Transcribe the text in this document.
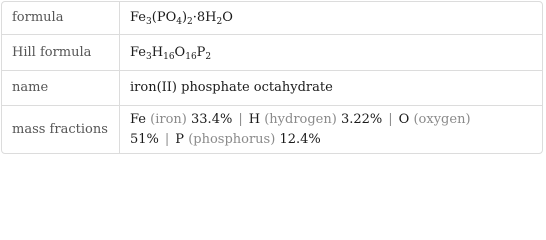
formula	$Fe_3(PO_4)_2\cdot 8H_2O$
Hill formula	$Fe_3H_{16}O_{16}P_2$
name	iron(II) phosphate octahydrate
mass fractions	Fe (iron) 33.4% | H (hydrogen) 3.22% | O (oxygen)
51% | P (phosphorus) 12.4%
